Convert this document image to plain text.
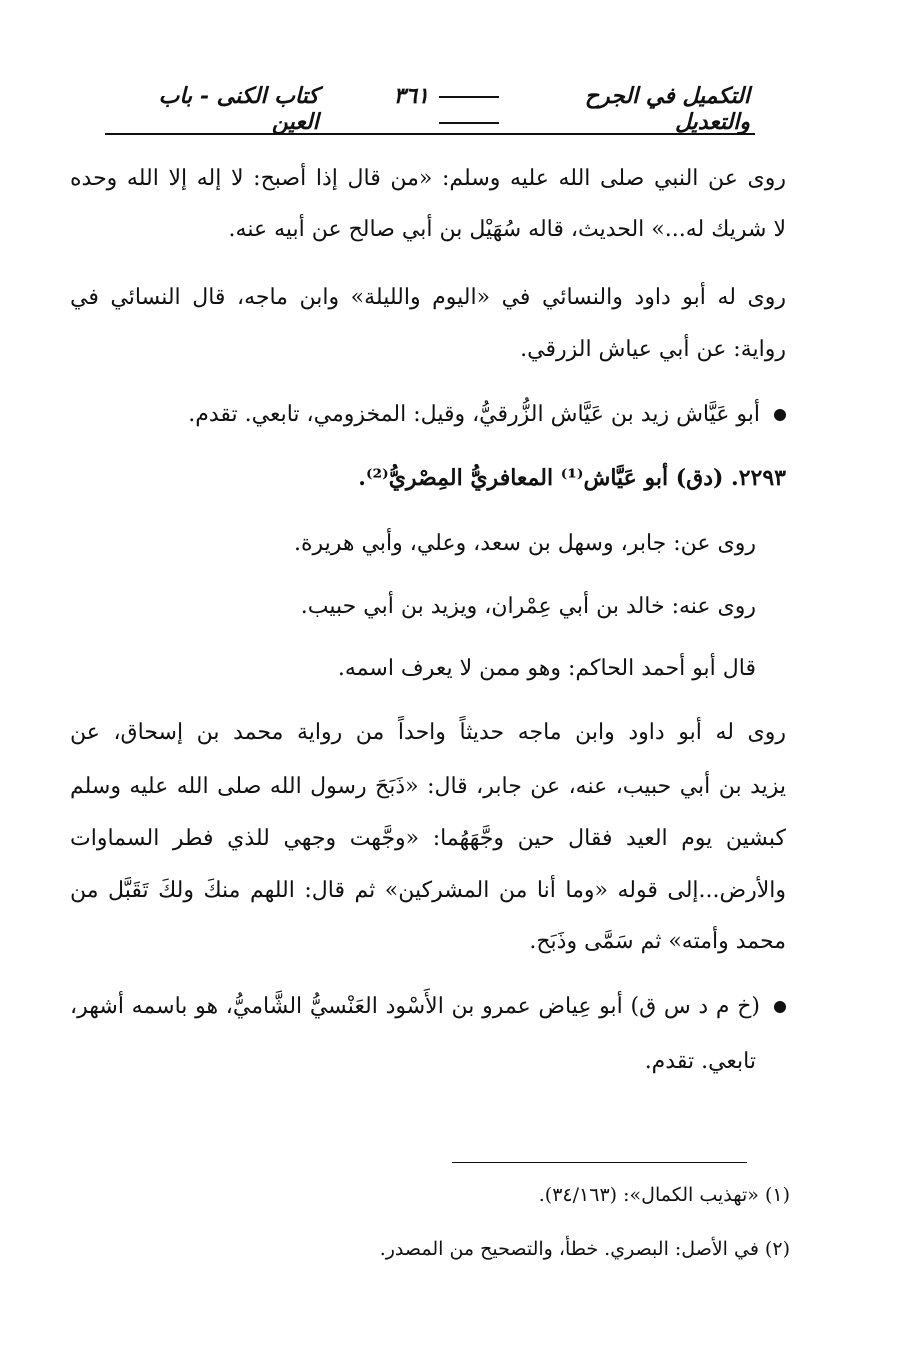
التكميل في الجرح والتعديل
٣٦١
كتاب الكنى - باب العين
روى عن النبي صلى الله عليه وسلم: «من قال إذا أصبح: لا إله إلا الله وحده
لا شريك له...» الحديث، قاله سُهَيْل بن أبي صالح عن أبيه عنه.
روى له أبو داود والنسائي في «اليوم والليلة» وابن ماجه، قال النسائي في
رواية: عن أبي عياش الزرقي.
أبو عَيَّاش زيد بن عَيَّاش الزُّرقيُّ، وقيل: المخزومي، تابعي. تقدم.
٢٢٩٣. (دق) أبو عَيَّاش⁽¹⁾ المعافريُّ المِصْريُّ⁽²⁾.
روى عن: جابر، وسهل بن سعد، وعلي، وأبي هريرة.
روى عنه: خالد بن أبي عِمْران، ويزيد بن أبي حبيب.
قال أبو أحمد الحاكم: وهو ممن لا يعرف اسمه.
روى له أبو داود وابن ماجه حديثاً واحداً من رواية محمد بن إسحاق، عن
يزيد بن أبي حبيب، عنه، عن جابر، قال: «ذَبَحَ رسول الله صلى الله عليه وسلم
كبشين يوم العيد فقال حين وجَّهَهُما: «وجَّهت وجهي للذي فطر السماوات
والأرض...إلى قوله «وما أنا من المشركين» ثم قال: اللهم منكَ ولكَ تَقَبَّل من
محمد وأمته» ثم سَمَّى وذَبَح.
(خ م د س ق) أبو عِياض عمرو بن الأَسْود العَنْسيُّ الشَّاميُّ، هو باسمه أشهر،
تابعي. تقدم.
(١) «تهذيب الكمال»: (٣٤/١٦٣).
(٢) في الأصل: البصري. خطأ، والتصحيح من المصدر.
